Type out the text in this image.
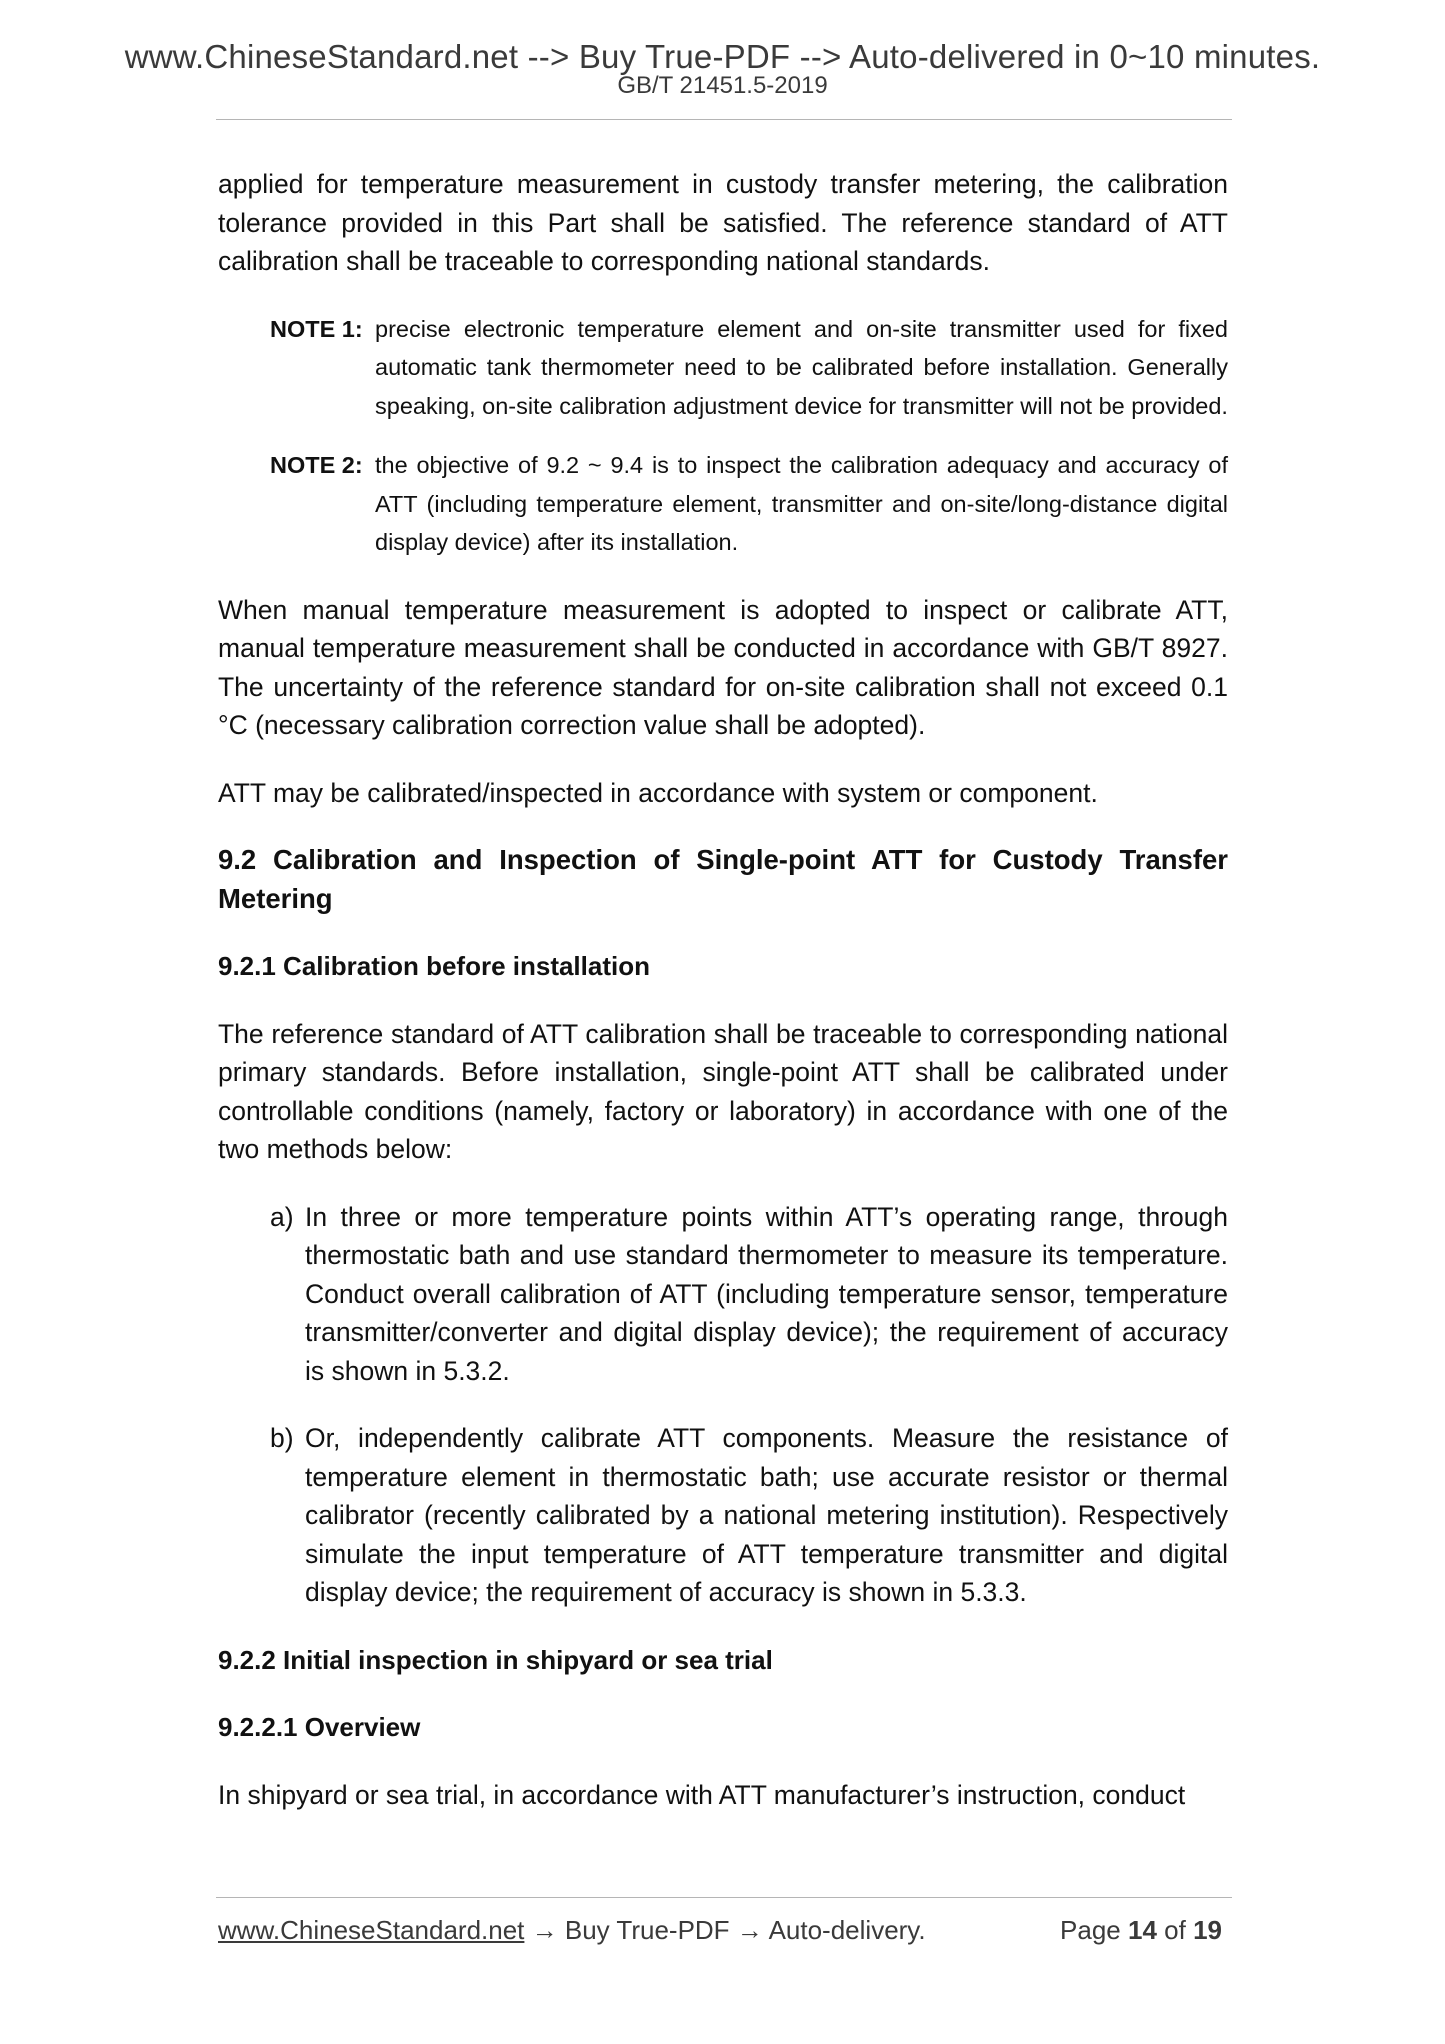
www.ChineseStandard.net --> Buy True-PDF --> Auto-delivered in 0~10 minutes.
GB/T 21451.5-2019

applied for temperature measurement in custody transfer metering, the calibration tolerance provided in this Part shall be satisfied. The reference standard of ATT calibration shall be traceable to corresponding national standards.

NOTE 1: precise electronic temperature element and on-site transmitter used for fixed automatic tank thermometer need to be calibrated before installation. Generally speaking, on-site calibration adjustment device for transmitter will not be provided.
NOTE 2: the objective of 9.2 ~ 9.4 is to inspect the calibration adequacy and accuracy of ATT (including temperature element, transmitter and on-site/long-distance digital display device) after its installation.

When manual temperature measurement is adopted to inspect or calibrate ATT, manual temperature measurement shall be conducted in accordance with GB/T 8927. The uncertainty of the reference standard for on-site calibration shall not exceed 0.1 °C (necessary calibration correction value shall be adopted).

ATT may be calibrated/inspected in accordance with system or component.

9.2 Calibration and Inspection of Single-point ATT for Custody Transfer Metering

9.2.1 Calibration before installation

The reference standard of ATT calibration shall be traceable to corresponding national primary standards. Before installation, single-point ATT shall be calibrated under controllable conditions (namely, factory or laboratory) in accordance with one of the two methods below:

a) In three or more temperature points within ATT’s operating range, through thermostatic bath and use standard thermometer to measure its temperature. Conduct overall calibration of ATT (including temperature sensor, temperature transmitter/converter and digital display device); the requirement of accuracy is shown in 5.3.2.
b) Or, independently calibrate ATT components. Measure the resistance of temperature element in thermostatic bath; use accurate resistor or thermal calibrator (recently calibrated by a national metering institution). Respectively simulate the input temperature of ATT temperature transmitter and digital display device; the requirement of accuracy is shown in 5.3.3.

9.2.2 Initial inspection in shipyard or sea trial

9.2.2.1 Overview

In shipyard or sea trial, in accordance with ATT manufacturer’s instruction, conduct

www.ChineseStandard.net → Buy True-PDF → Auto-delivery.	Page 14 of 19
